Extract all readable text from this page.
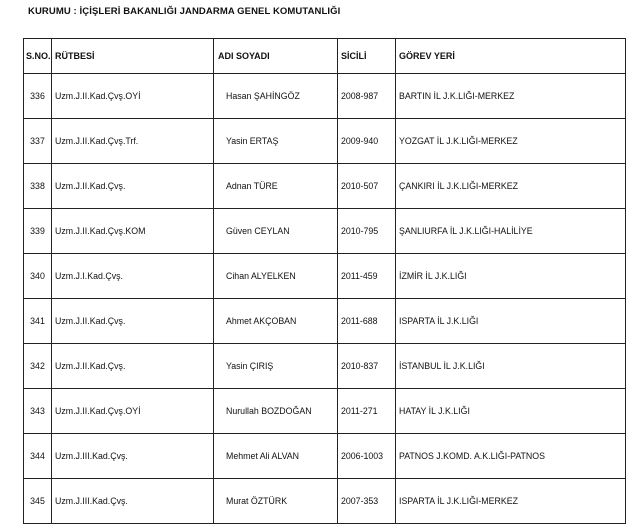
KURUMU : İÇİŞLERİ BAKANLIĞI JANDARMA GENEL KOMUTANLIĞI
S.NO.	RÜTBESİ	ADI SOYADI	SİCİLİ	GÖREV YERİ
336	Uzm.J.II.Kad.Çvş.OYİ	Hasan ŞAHİNGÖZ	2008-987	BARTIN İL J.K.LIĞI-MERKEZ
337	Uzm.J.II.Kad.Çvş.Trf.	Yasin ERTAŞ	2009-940	YOZGAT İL J.K.LIĞI-MERKEZ
338	Uzm.J.II.Kad.Çvş.	Adnan TÜRE	2010-507	ÇANKIRI İL J.K.LIĞI-MERKEZ
339	Uzm.J.II.Kad.Çvş.KOM	Güven CEYLAN	2010-795	ŞANLIURFA İL J.K.LIĞI-HALİLİYE
340	Uzm.J.I.Kad.Çvş.	Cihan ALYELKEN	2011-459	İZMİR İL J.K.LIĞI
341	Uzm.J.II.Kad.Çvş.	Ahmet AKÇOBAN	2011-688	ISPARTA İL J.K.LIĞI
342	Uzm.J.II.Kad.Çvş.	Yasin ÇIRIŞ	2010-837	İSTANBUL İL J.K.LIĞI
343	Uzm.J.II.Kad.Çvş.OYİ	Nurullah BOZDOĞAN	2011-271	HATAY İL J.K.LIĞI
344	Uzm.J.III.Kad.Çvş.	Mehmet Ali ALVAN	2006-1003	PATNOS J.KOMD. A.K.LIĞI-PATNOS
345	Uzm.J.III.Kad.Çvş.	Murat ÖZTÜRK	2007-353	ISPARTA İL J.K.LIĞI-MERKEZ
